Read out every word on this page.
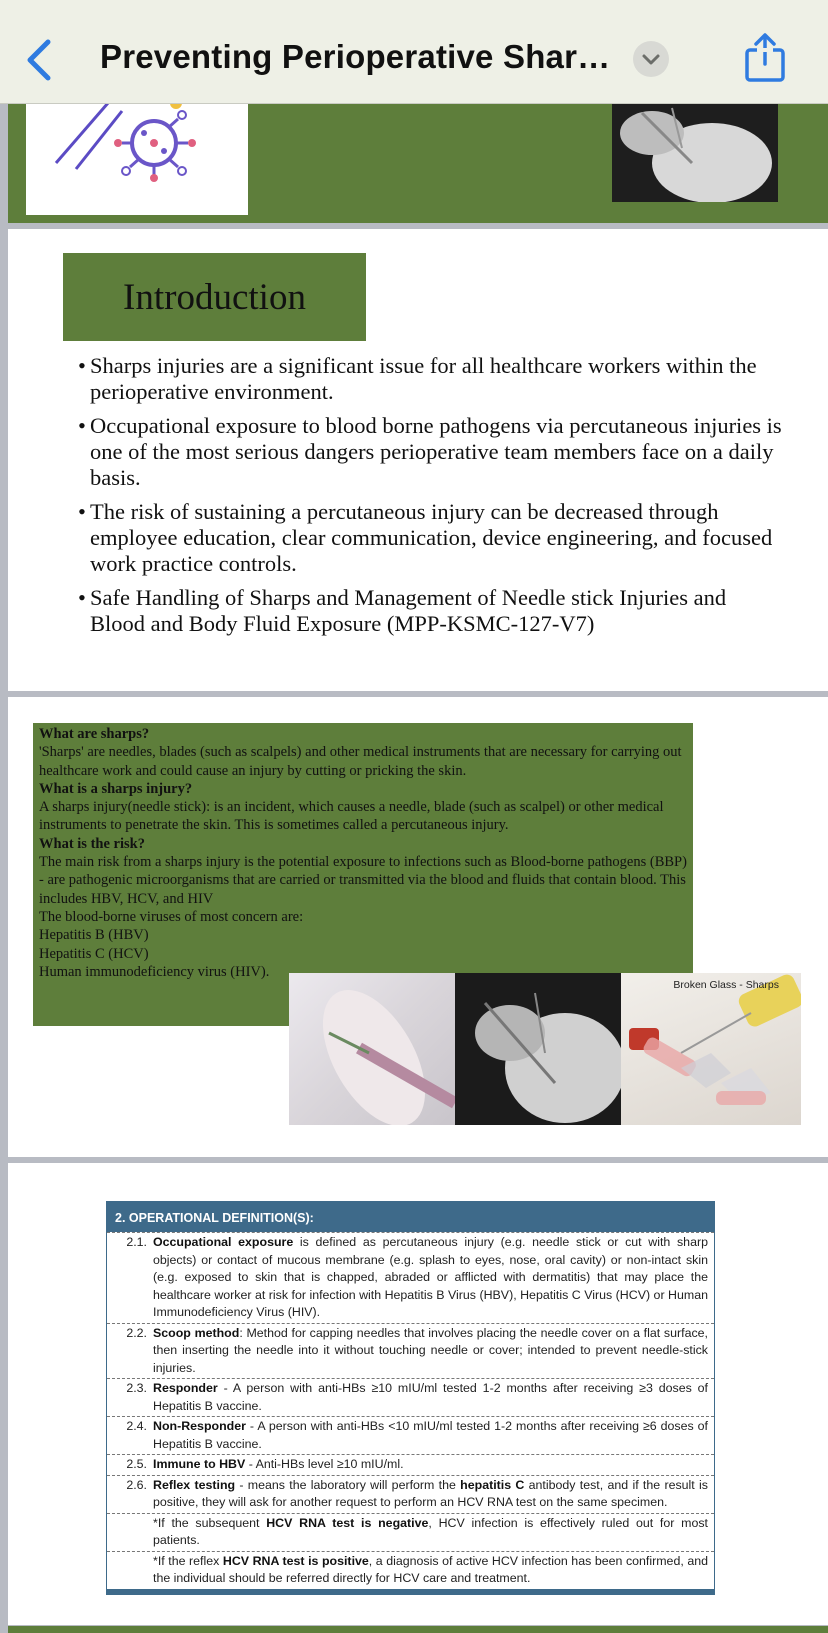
Preventing Perioperative Shar…
Introduction
• Sharps injuries are a significant issue for all healthcare workers within the perioperative environment.
• Occupational exposure to blood borne pathogens via percutaneous injuries is one of the most serious dangers perioperative team members face on a daily basis.
• The risk of sustaining a percutaneous injury can be decreased through employee education, clear communication, device engineering, and focused work practice controls.
• Safe Handling of Sharps and Management of Needle stick Injuries and Blood and Body Fluid Exposure (MPP-KSMC-127-V7)
What are sharps?
'Sharps' are needles, blades (such as scalpels) and other medical instruments that are necessary for carrying out healthcare work and could cause an injury by cutting or pricking the skin.
What is a sharps injury?
A sharps injury(needle stick): is an incident, which causes a needle, blade (such as scalpel) or other medical instruments to penetrate the skin. This is sometimes called a percutaneous injury.
What is the risk?
The main risk from a sharps injury is the potential exposure to infections such as Blood-borne pathogens (BBP) - are pathogenic microorganisms that are carried or transmitted via the blood and fluids that contain blood. This includes HBV, HCV, and HIV
The blood-borne viruses of most concern are:
Hepatitis B (HBV)
Hepatitis C (HCV)
Human immunodeficiency virus (HIV).
Broken Glass - Sharps
2. OPERATIONAL DEFINITION(S):
2.1. Occupational exposure is defined as percutaneous injury (e.g. needle stick or cut with sharp objects) or contact of mucous membrane (e.g. splash to eyes, nose, oral cavity) or non-intact skin (e.g. exposed to skin that is chapped, abraded or afflicted with dermatitis) that may place the healthcare worker at risk for infection with Hepatitis B Virus (HBV), Hepatitis C Virus (HCV) or Human Immunodeficiency Virus (HIV).
2.2. Scoop method: Method for capping needles that involves placing the needle cover on a flat surface, then inserting the needle into it without touching needle or cover; intended to prevent needle-stick injuries.
2.3. Responder - A person with anti-HBs ≥10 mIU/ml tested 1-2 months after receiving ≥3 doses of Hepatitis B vaccine.
2.4. Non-Responder - A person with anti-HBs <10 mIU/ml tested 1-2 months after receiving ≥6 doses of Hepatitis B vaccine.
2.5. Immune to HBV - Anti-HBs level ≥10 mIU/ml.
2.6. Reflex testing - means the laboratory will perform the hepatitis C antibody test, and if the result is positive, they will ask for another request to perform an HCV RNA test on the same specimen.
*If the subsequent HCV RNA test is negative, HCV infection is effectively ruled out for most patients.
*If the reflex HCV RNA test is positive, a diagnosis of active HCV infection has been confirmed, and the individual should be referred directly for HCV care and treatment.
